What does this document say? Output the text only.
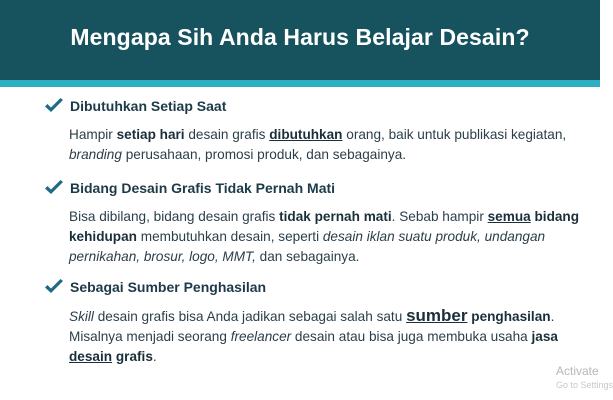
Mengapa Sih Anda Harus Belajar Desain?
Dibutuhkan Setiap Saat
Hampir setiap hari desain grafis dibutuhkan orang, baik untuk publikasi kegiatan, branding perusahaan, promosi produk, dan sebagainya.
Bidang Desain Grafis Tidak Pernah Mati
Bisa dibilang, bidang desain grafis tidak pernah mati. Sebab hampir semua bidang kehidupan membutuhkan desain, seperti desain iklan suatu produk, undangan pernikahan, brosur, logo, MMT, dan sebagainya.
Sebagai Sumber Penghasilan
Skill desain grafis bisa Anda jadikan sebagai salah satu sumber penghasilan. Misalnya menjadi seorang freelancer desain atau bisa juga membuka usaha jasa desain grafis.
Activate
Go to Settings
